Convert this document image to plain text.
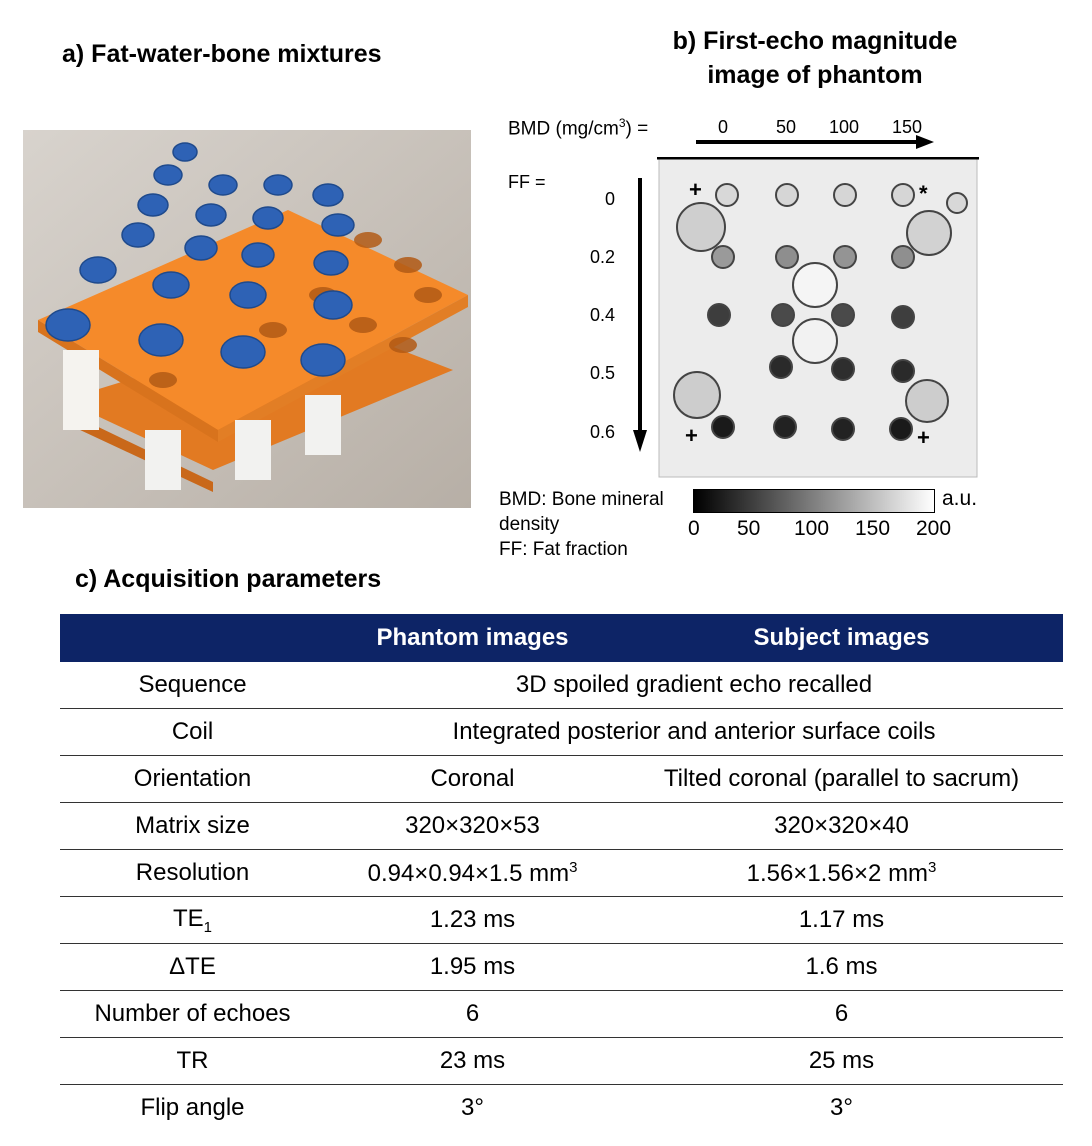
a) Fat-water-bone mixtures	b) First-echo magnitude
image of phantom
BMD $(mg/cm^3)$ =	0	50 100 150
FF =
0
0.2
0.4
0.5
0.6
+	*
+	+
BMD: Bone mineral
density
FF: Fat fraction
a.u.
0 50 100 150 200
c) Acquisition parameters
	Phantom images	Subject images
Sequence	3D spoiled gradient echo recalled	
Coil	Integrated posterior and anterior surface coils	
Orientation	Coronal	Tilted coronal (parallel to sacrum)
Matrix size	320×320×53	320×320×40
Resolution	0.94×0.94×1.5 $mm^3$	1.56×1.56×2 $mm^3$
$TE_1$	1.23 ms	1.17 ms
ΔTE	1.95 ms	1.6 ms
Number of echoes	6	6
TR	23 ms	25 ms
Flip angle	3°	3°
